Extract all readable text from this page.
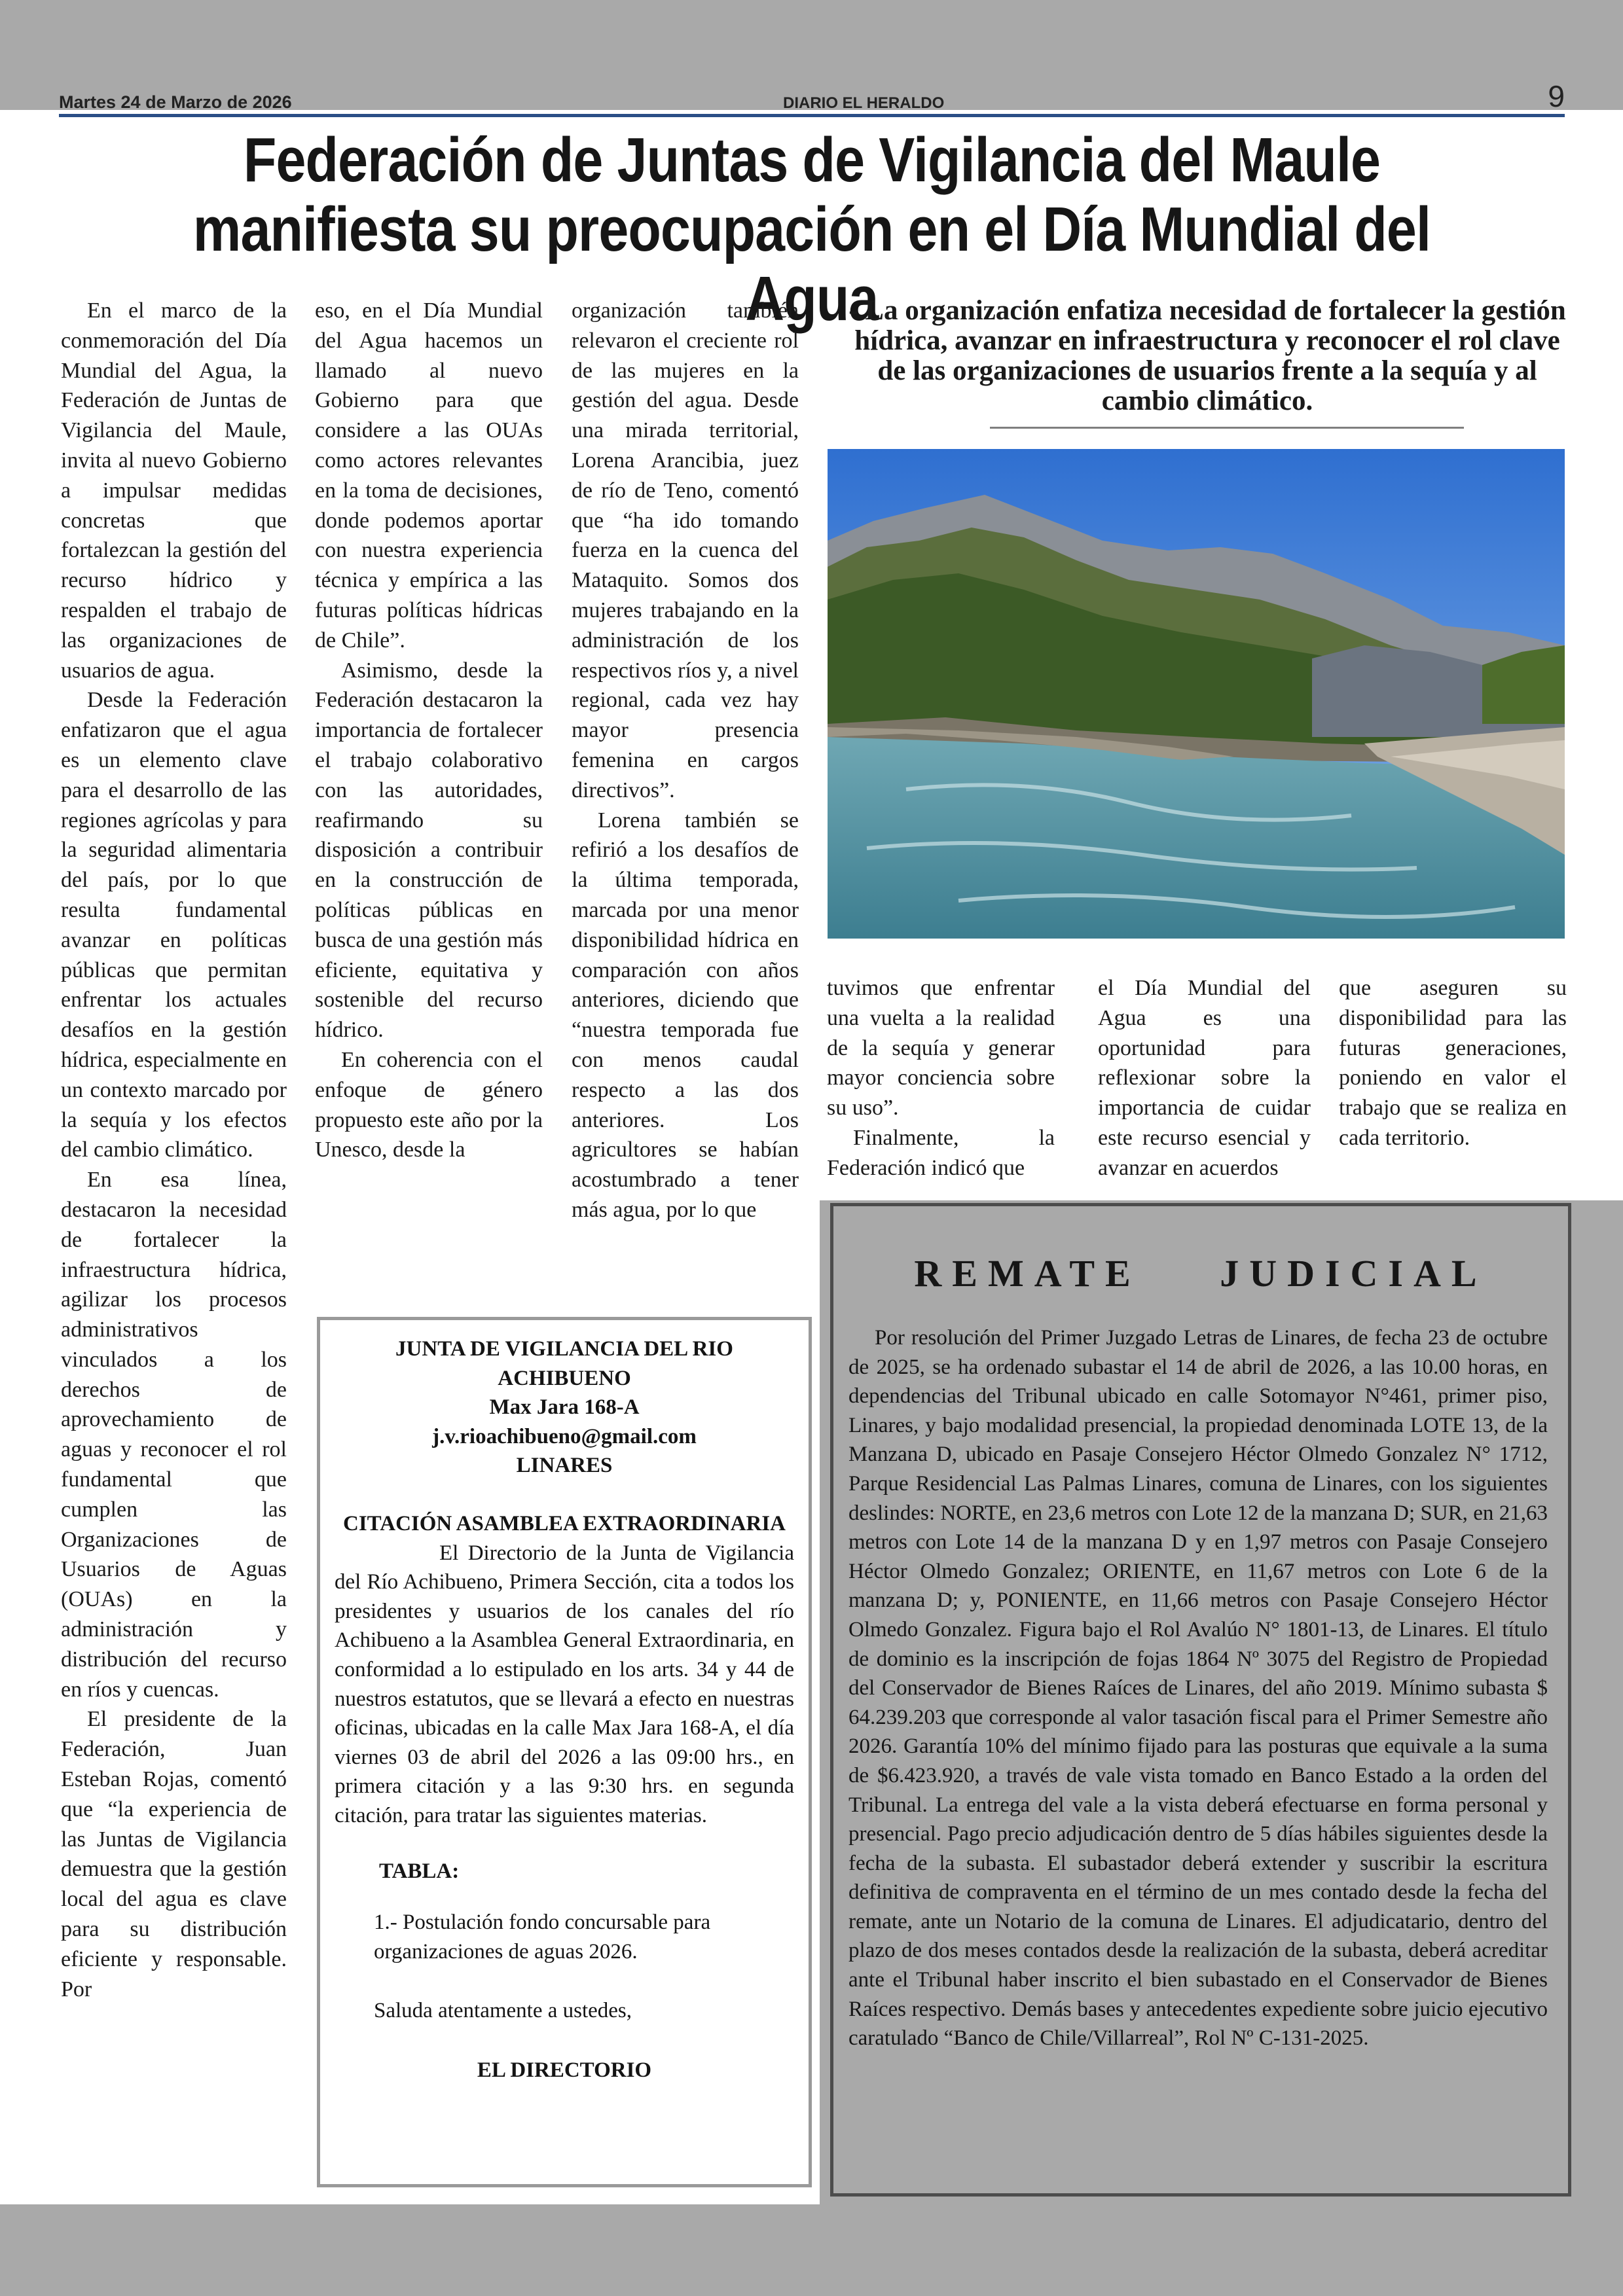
Martes 24 de Marzo de 2026	DIARIO EL HERALDO	9
Federación de Juntas de Vigilancia del Maule
manifiesta su preocupación en el Día Mundial del Agua

En el marco de la conmemoración del Día Mundial del Agua, la Federación de Juntas de Vigilancia del Maule, invita al nuevo Gobierno a impulsar medidas concretas que fortalezcan la gestión del recurso hídrico y respalden el trabajo de las organizaciones de usuarios de agua.

Desde la Federación enfatizaron que el agua es un elemento clave para el desarrollo de las regiones agrícolas y para la seguridad alimentaria del país, por lo que resulta fundamental avanzar en políticas públicas que permitan enfrentar los actuales desafíos en la gestión hídrica, especialmente en un contexto marcado por la sequía y los efectos del cambio climático.

En esa línea, destacaron la necesidad de fortalecer la infraestructura hídrica, agilizar los procesos administrativos vinculados a los derechos de aprovechamiento de aguas y reconocer el rol fundamental que cumplen las Organizaciones de Usuarios de Aguas (OUAs) en la administración y distribución del recurso en ríos y cuencas.

El presidente de la Federación, Juan Esteban Rojas, comentó que “la experiencia de las Juntas de Vigilancia demuestra que la gestión local del agua es clave para su distribución eficiente y responsable. Por

eso, en el Día Mundial del Agua hacemos un llamado al nuevo Gobierno para que considere a las OUAs como actores relevantes en la toma de decisiones, donde podemos aportar con nuestra experiencia técnica y empírica a las futuras políticas hídricas de Chile”.

Asimismo, desde la Federación destacaron la importancia de fortalecer el trabajo colaborativo con las autoridades, reafirmando su disposición a contribuir en la construcción de políticas públicas en busca de una gestión más eficiente, equitativa y sostenible del recurso hídrico.

En coherencia con el enfoque de género propuesto este año por la Unesco, desde la

organización también relevaron el creciente rol de las mujeres en la gestión del agua. Desde una mirada territorial, Lorena Arancibia, juez de río de Teno, comentó que “ha ido tomando fuerza en la cuenca del Mataquito. Somos dos mujeres trabajando en la administración de los respectivos ríos y, a nivel regional, cada vez hay mayor presencia femenina en cargos directivos”.

Lorena también se refirió a los desafíos de la última temporada, marcada por una menor disponibilidad hídrica en comparación con años anteriores, diciendo que “nuestra temporada fue con menos caudal respecto a las dos anteriores. Los agricultores se habían acostumbrado a tener más agua, por lo que

- La organización enfatiza necesidad de fortalecer la gestión hídrica, avanzar en infraestructura y reconocer el rol clave de las organizaciones de usuarios frente a la sequía y al cambio climático.

tuvimos que enfrentar una vuelta a la realidad de la sequía y generar mayor conciencia sobre su uso”.

Finalmente, la Federación indicó que

el Día Mundial del Agua es una oportunidad para reflexionar sobre la importancia de cuidar este recurso esencial y avanzar en acuerdos

que aseguren su disponibilidad para las futuras generaciones, poniendo en valor el trabajo que se realiza en cada territorio.

JUNTA DE VIGILANCIA DEL RIO ACHIBUENO
Max Jara 168-A
j.v.rioachibueno@gmail.com
LINARES
CITACIÓN ASAMBLEA EXTRAORDINARIA
El Directorio de la Junta de Vigilancia del Río Achibueno, Primera Sección, cita a todos los presidentes y usuarios de los canales del río Achibueno a la Asamblea General Extraordinaria, en conformidad a lo estipulado en los arts. 34 y 44 de nuestros estatutos, que se llevará a efecto en nuestras oficinas, ubicadas en la calle Max Jara 168-A, el día viernes 03 de abril del 2026 a las 09:00 hrs., en primera citación y a las 9:30 hrs. en segunda citación, para tratar las siguientes materias.
TABLA:
1.- Postulación fondo concursable para organizaciones de aguas 2026.
Saluda atentamente a ustedes,
EL DIRECTORIO
REMATE JUDICIAL
Por resolución del Primer Juzgado Letras de Linares, de fecha 23 de octubre de 2025, se ha ordenado subastar el 14 de abril de 2026, a las 10.00 horas, en dependencias del Tribunal ubicado en calle Sotomayor N°461, primer piso, Linares, y bajo modalidad presencial, la propiedad denominada LOTE 13, de la Manzana D, ubicado en Pasaje Consejero Héctor Olmedo Gonzalez N° 1712, Parque Residencial Las Palmas Linares, comuna de Linares, con los siguientes deslindes: NORTE, en 23,6 metros con Lote 12 de la manzana D; SUR, en 21,63 metros con Lote 14 de la manzana D y en 1,97 metros con Pasaje Consejero Héctor Olmedo Gonzalez; ORIENTE, en 11,67 metros con Lote 6 de la manzana D; y, PONIENTE, en 11,66 metros con Pasaje Consejero Héctor Olmedo Gonzalez. Figura bajo el Rol Avalúo N° 1801-13, de Linares. El título de dominio es la inscripción de fojas 1864 Nº 3075 del Registro de Propiedad del Conservador de Bienes Raíces de Linares, del año 2019. Mínimo subasta $ 64.239.203 que corresponde al valor tasación fiscal para el Primer Semestre año 2026. Garantía 10% del mínimo fijado para las posturas que equivale a la suma de $6.423.920, a través de vale vista tomado en Banco Estado a la orden del Tribunal. La entrega del vale a la vista deberá efectuarse en forma personal y presencial. Pago precio adjudicación dentro de 5 días hábiles siguientes desde la fecha de la subasta. El subastador deberá extender y suscribir la escritura definitiva de compraventa en el término de un mes contado desde la fecha del remate, ante un Notario de la comuna de Linares. El adjudicatario, dentro del plazo de dos meses contados desde la realización de la subasta, deberá acreditar ante el Tribunal haber inscrito el bien subastado en el Conservador de Bienes Raíces respectivo. Demás bases y antecedentes expediente sobre juicio ejecutivo caratulado “Banco de Chile/Villarreal”, Rol Nº C-131-2025.
